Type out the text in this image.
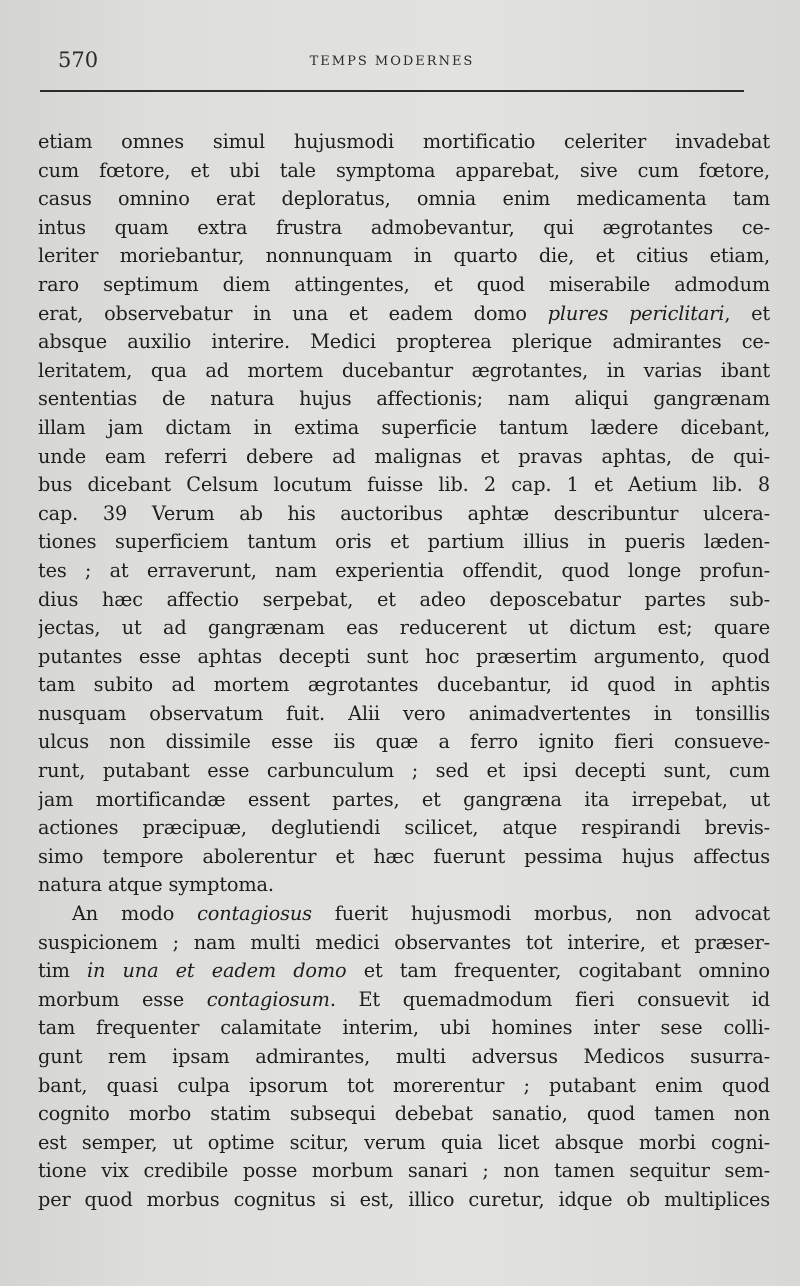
570	TEMPS MODERNES
etiam omnes simul hujusmodi mortificatio celeriter invadebat
cum fœtore, et ubi tale symptoma apparebat, sive cum fœtore,
casus omnino erat deploratus, omnia enim medicamenta tam
intus quam extra frustra admobevantur, qui ægrotantes ce-
leriter moriebantur, nonnunquam in quarto die, et citius etiam,
raro septimum diem attingentes, et quod miserabile admodum
erat, observebatur in una et eadem domo plures periclitari, et
absque auxilio interire. Medici propterea plerique admirantes ce-
leritatem, qua ad mortem ducebantur ægrotantes, in varias ibant
sententias de natura hujus affectionis; nam aliqui gangrænam
illam jam dictam in extima superficie tantum lædere dicebant,
unde eam referri debere ad malignas et pravas aphtas, de qui-
bus dicebant Celsum locutum fuisse lib. 2 cap. 1 et Aetium lib. 8
cap. 39 Verum ab his auctoribus aphtæ describuntur ulcera-
tiones superficiem tantum oris et partium illius in pueris læden-
tes ; at erraverunt, nam experientia offendit, quod longe profun-
dius hæc affectio serpebat, et adeo deposcebatur partes sub-
jectas, ut ad gangrænam eas reducerent ut dictum est; quare
putantes esse aphtas decepti sunt hoc præsertim argumento, quod
tam subito ad mortem ægrotantes ducebantur, id quod in aphtis
nusquam observatum fuit. Alii vero animadvertentes in tonsillis
ulcus non dissimile esse iis quæ a ferro ignito fieri consueve-
runt, putabant esse carbunculum ; sed et ipsi decepti sunt, cum
jam mortificandæ essent partes, et gangræna ita irrepebat, ut
actiones præcipuæ, deglutiendi scilicet, atque respirandi brevis-
simo tempore abolerentur et hæc fuerunt pessima hujus affectus
natura atque symptoma.
An modo contagiosus fuerit hujusmodi morbus, non advocat
suspicionem ; nam multi medici observantes tot interire, et præser-
tim in una et eadem domo et tam frequenter, cogitabant omnino
morbum esse contagiosum. Et quemadmodum fieri consuevit id
tam frequenter calamitate interim, ubi homines inter sese colli-
gunt rem ipsam admirantes, multi adversus Medicos susurra-
bant, quasi culpa ipsorum tot morerentur ; putabant enim quod
cognito morbo statim subsequi debebat sanatio, quod tamen non
est semper, ut optime scitur, verum quia licet absque morbi cogni-
tione vix credibile posse morbum sanari ; non tamen sequitur sem-
per quod morbus cognitus si est, illico curetur, idque ob multiplices
